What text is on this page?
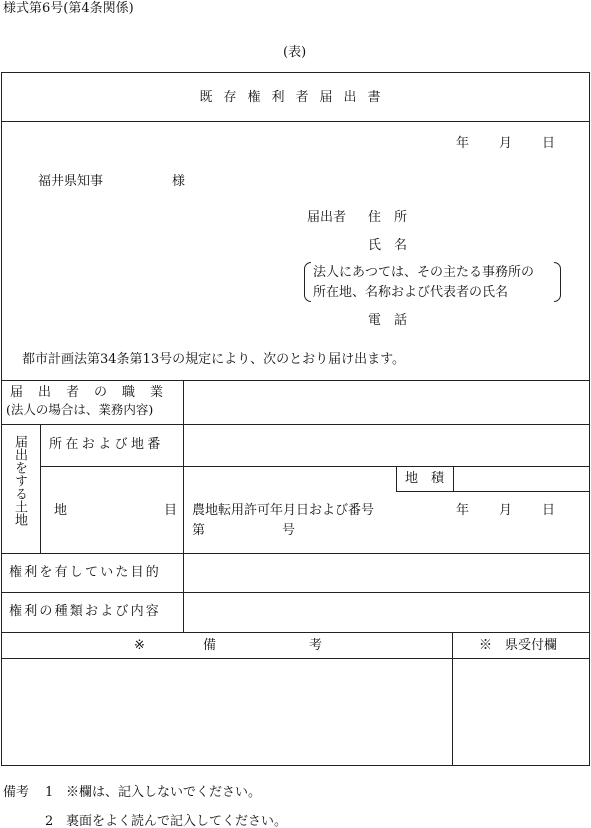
様式第6号(第4条関係)
(表)
既存権利者届出書
年 月 日
福井県知事	様
届出者 住　所
氏　名
法人にあつては、その主たる事務所の
所在地、名称および代表者の氏名
電　話
都市計画法第34条第13号の規定により、次のとおり届け出ます。
届出者の職業
(法人の場合は、業務内容)
届出をする土地 所在および地番
地　積
地	目 農地転用許可年月日および番号	年 月 日
第	号
権利を有していた目的
権利の種類および内容
※	備	考	※　県受付欄
備考 1 ※欄は、記入しないでください。
2 裏面をよく読んで記入してください。
